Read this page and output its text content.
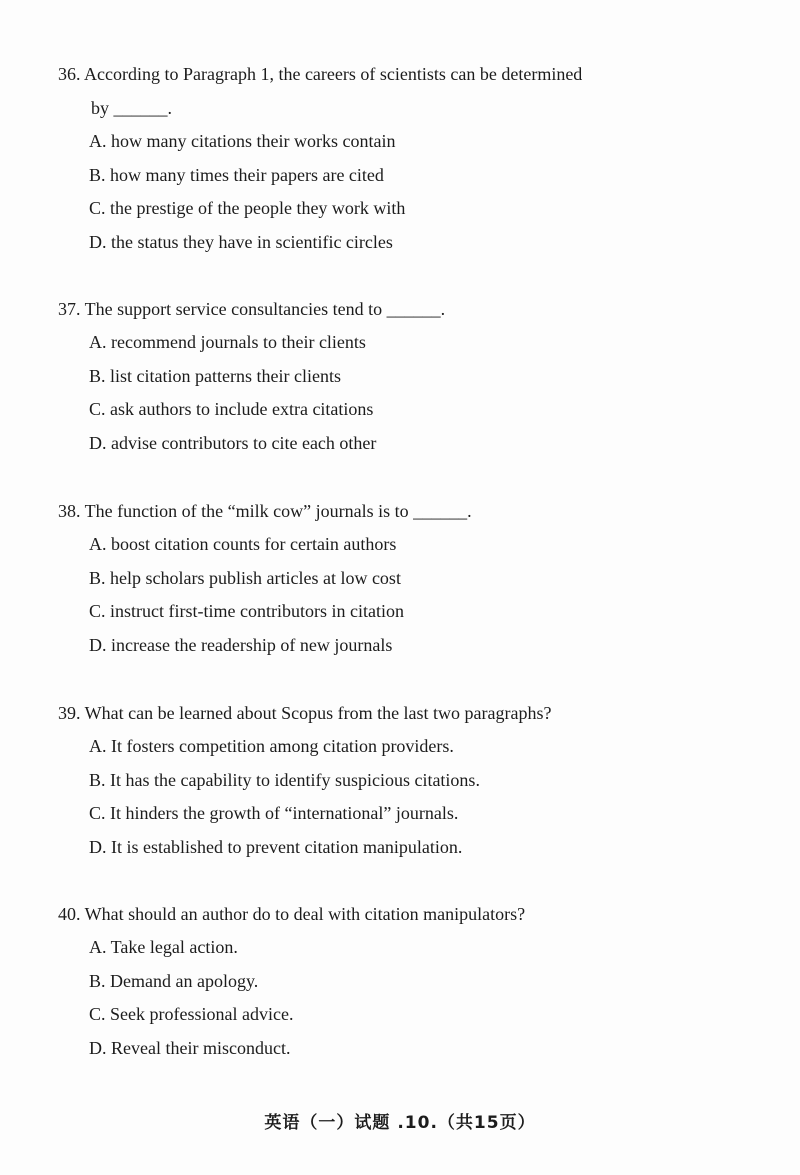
36. According to Paragraph 1, the careers of scientists can be determined
by ______.

A. how many citations their works contain
B. how many times their papers are cited
C. the prestige of the people they work with
D. the status they have in scientific circles

37. The support service consultancies tend to ______.

A. recommend journals to their clients
B. list citation patterns their clients
C. ask authors to include extra citations
D. advise contributors to cite each other

38. The function of the “milk cow” journals is to ______.

A. boost citation counts for certain authors
B. help scholars publish articles at low cost
C. instruct first-time contributors in citation
D. increase the readership of new journals

39. What can be learned about Scopus from the last two paragraphs?

A. It fosters competition among citation providers.
B. It has the capability to identify suspicious citations.
C. It hinders the growth of “international” journals.
D. It is established to prevent citation manipulation.

40. What should an author do to deal with citation manipulators?

A. Take legal action.
B. Demand an apology.
C. Seek professional advice.
D. Reveal their misconduct.
英语（一）试题 .10.（共15页）
